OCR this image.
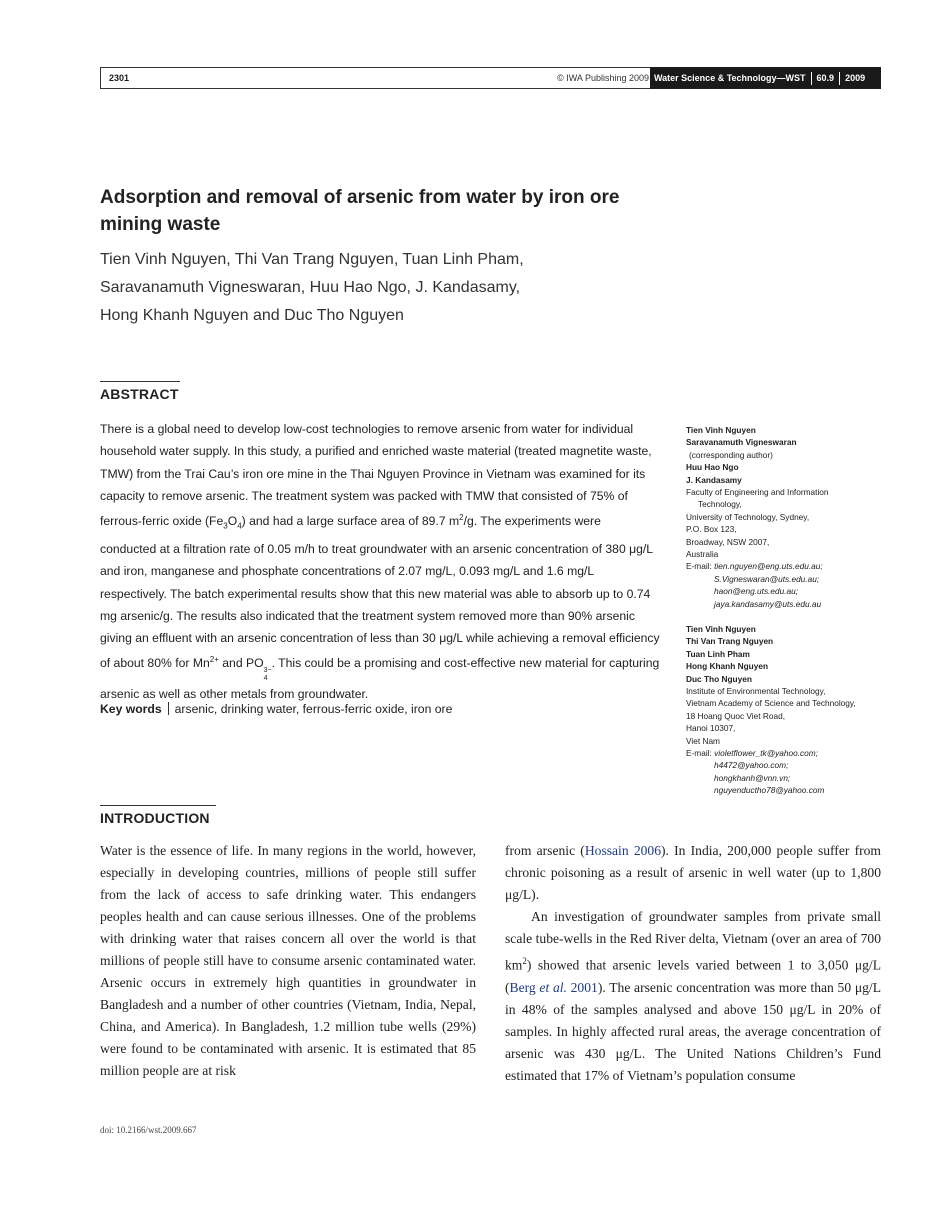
2301	© IWA Publishing 2009 Water Science & Technology—WST 60.9 2009
Adsorption and removal of arsenic from water by iron ore
mining waste
Tien Vinh Nguyen, Thi Van Trang Nguyen, Tuan Linh Pham,
Saravanamuth Vigneswaran, Huu Hao Ngo, J. Kandasamy,
Hong Khanh Nguyen and Duc Tho Nguyen
ABSTRACT

There is a global need to develop low-cost technologies to remove arsenic from water for individual household water supply. In this study, a purified and enriched waste material (treated magnetite waste, TMW) from the Trai Cau’s iron ore mine in the Thai Nguyen Province in Vietnam was examined for its capacity to remove arsenic. The treatment system was packed with TMW that consisted of 75% of ferrous-ferric oxide $(Fe_3O_4)$ and had a large surface area of 89.7 $m^2/g$. The experiments were conducted at a filtration rate of 0.05 m/h to treat groundwater with an arsenic concentration of 380 μg/L and iron, manganese and phosphate concentrations of 2.07 mg/L, 0.093 mg/L and 1.6 mg/L respectively. The batch experimental results show that this new material was able to absorb up to 0.74 mg arsenic/g. The results also indicated that the treatment system removed more than 90% arsenic giving an effluent with an arsenic concentration of less than 30 μg/L while achieving a removal efficiency of about 80% for $Mn^{2+}$ and PO 3−
4
. This could be a promising and cost-effective new material for capturing arsenic as well as other metals from groundwater.

Key words arsenic, drinking water, ferrous-ferric oxide, iron ore
Tien Vinh Nguyen
Saravanamuth Vigneswaran
(corresponding author)
Huu Hao Ngo
J. Kandasamy
Faculty of Engineering and Information
Technology,
University of Technology, Sydney,
P.O. Box 123,
Broadway, NSW 2007,
Australia
E-mail: tien.nguyen@eng.uts.edu.au;
S.Vigneswaran@uts.edu.au;
haon@eng.uts.edu.au;
jaya.kandasamy@uts.edu.au
Tien Vinh Nguyen
Thi Van Trang Nguyen
Tuan Linh Pham
Hong Khanh Nguyen
Duc Tho Nguyen
Institute of Environmental Technology,
Vietnam Academy of Science and Technology,
18 Hoang Quoc Viet Road,
Hanoi 10307,
Viet Nam
E-mail: violetflower_tk@yahoo.com;
h4472@yahoo.com;
hongkhanh@vnn.vn;
nguyenductho78@yahoo.com
INTRODUCTION

Water is the essence of life. In many regions in the world, however, especially in developing countries, millions of people still suffer from the lack of access to safe drinking water. This endangers peoples health and can cause serious illnesses. One of the problems with drinking water that raises concern all over the world is that millions of people still have to consume arsenic contaminated water. Arsenic occurs in extremely high quantities in groundwater in Bangladesh and a number of other countries (Vietnam, India, Nepal, China, and America). In Bangladesh, 1.2 million tube wells (29%) were found to be contaminated with arsenic. It is estimated that 85 million people are at risk

from arsenic (Hossain 2006). In India, 200,000 people suffer from chronic poisoning as a result of arsenic in well water (up to 1,800 μg/L).

An investigation of groundwater samples from private small scale tube-wells in the Red River delta, Vietnam (over an area of 700 $km^2$) showed that arsenic levels varied between 1 to 3,050 μg/L (Berg et al. 2001). The arsenic concentration was more than 50 μg/L in 48% of the samples analysed and above 150 μg/L in 20% of samples. In highly affected rural areas, the average concentration of arsenic was 430 μg/L. The United Nations Children’s Fund estimated that 17% of Vietnam’s population consume

doi: 10.2166/wst.2009.667
